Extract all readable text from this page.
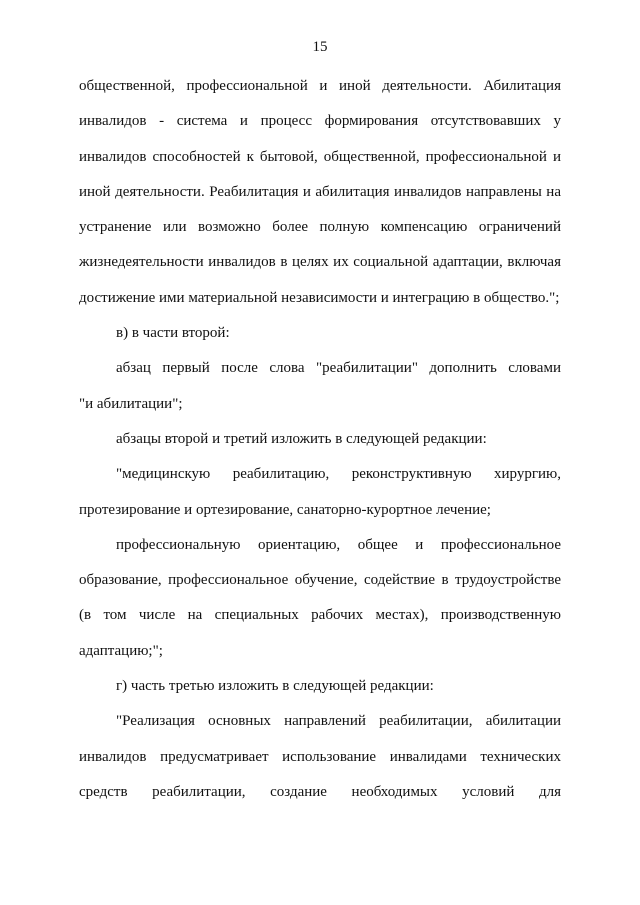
15
общественной, профессиональной и иной деятельности. Абилитация
инвалидов - система и процесс формирования отсутствовавших у
инвалидов способностей к бытовой, общественной, профессиональной и
иной деятельности. Реабилитация и абилитация инвалидов направлены на
устранение или возможно более полную компенсацию ограничений
жизнедеятельности инвалидов в целях их социальной адаптации, включая
достижение ими материальной независимости и интеграцию в общество.";
в) в части второй:
абзац первый после слова "реабилитации" дополнить словами
"и абилитации";
абзацы второй и третий изложить в следующей редакции:
"медицинскую реабилитацию, реконструктивную хирургию,
протезирование и ортезирование, санаторно-курортное лечение;
профессиональную ориентацию, общее и профессиональное
образование, профессиональное обучение, содействие в трудоустройстве
(в том числе на специальных рабочих местах), производственную
адаптацию;";
г) часть третью изложить в следующей редакции:
"Реализация основных направлений реабилитации, абилитации
инвалидов предусматривает использование инвалидами технических
средств реабилитации, создание необходимых условий для
